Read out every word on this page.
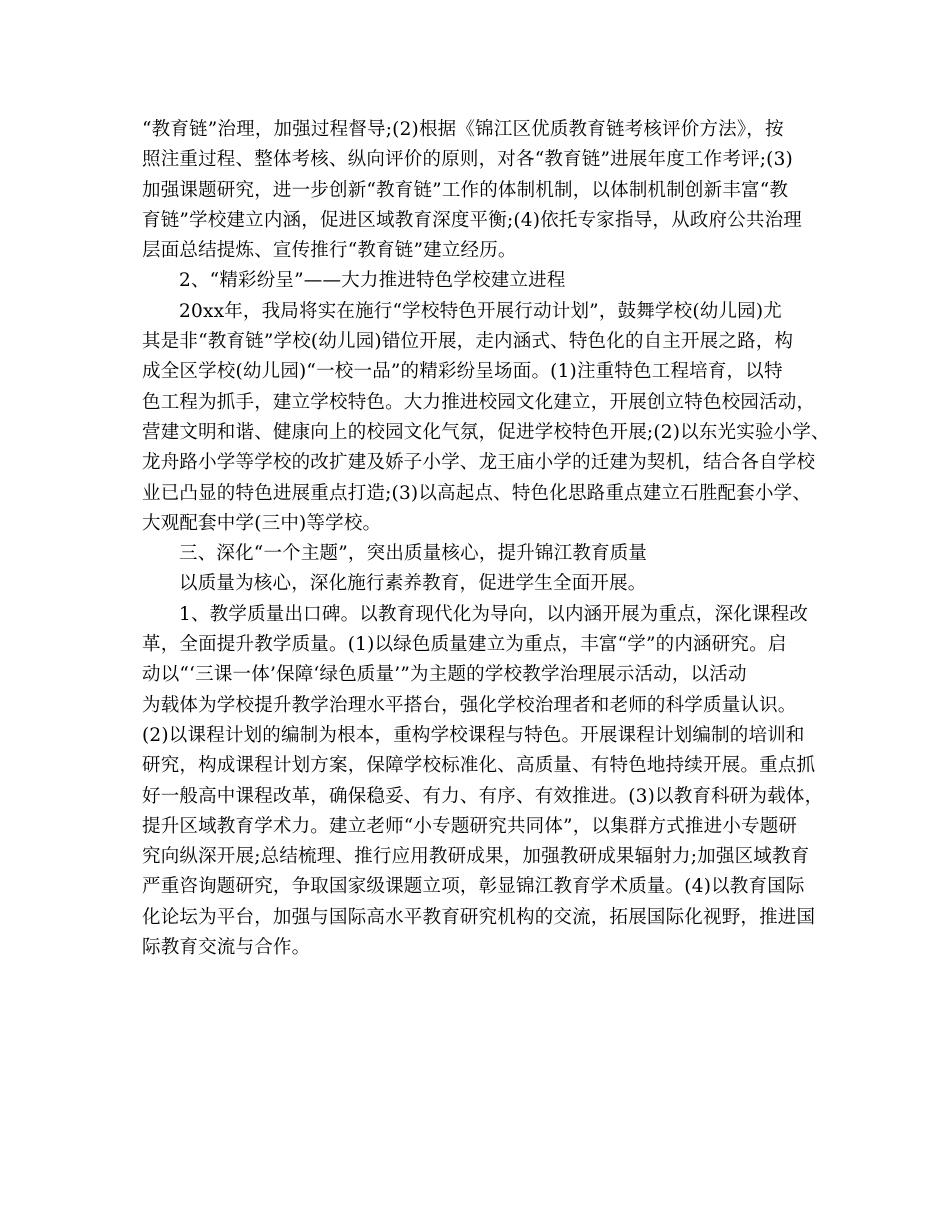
“教育链”治理，加强过程督导;(2)根据《锦江区优质教育链考核评价方法》，按
照注重过程、整体考核、纵向评价的原则，对各“教育链”进展年度工作考评;(3)
加强课题研究，进一步创新“教育链”工作的体制机制，以体制机制创新丰富“教
育链”学校建立内涵，促进区域教育深度平衡;(4)依托专家指导，从政府公共治理
层面总结提炼、宣传推行“教育链”建立经历。
2、“精彩纷呈”——大力推进特色学校建立进程
20xx年，我局将实在施行“学校特色开展行动计划”，鼓舞学校(幼儿园)尤
其是非“教育链”学校(幼儿园)错位开展，走内涵式、特色化的自主开展之路，构
成全区学校(幼儿园)“一校一品”的精彩纷呈场面。(1)注重特色工程培育，以特
色工程为抓手，建立学校特色。大力推进校园文化建立，开展创立特色校园活动，
营建文明和谐、健康向上的校园文化气氛，促进学校特色开展;(2)以东光实验小学、
龙舟路小学等学校的改扩建及娇子小学、龙王庙小学的迁建为契机，结合各自学校
业已凸显的特色进展重点打造;(3)以高起点、特色化思路重点建立石胜配套小学、
大观配套中学(三中)等学校。
三、深化“一个主题”，突出质量核心，提升锦江教育质量
以质量为核心，深化施行素养教育，促进学生全面开展。
1、教学质量出口碑。以教育现代化为导向，以内涵开展为重点，深化课程改
革，全面提升教学质量。(1)以绿色质量建立为重点，丰富“学”的内涵研究。启
动以“‘三课一体’保障‘绿色质量’”为主题的学校教学治理展示活动，以活动
为载体为学校提升教学治理水平搭台，强化学校治理者和老师的科学质量认识。
(2)以课程计划的编制为根本，重构学校课程与特色。开展课程计划编制的培训和
研究，构成课程计划方案，保障学校标准化、高质量、有特色地持续开展。重点抓
好一般高中课程改革，确保稳妥、有力、有序、有效推进。(3)以教育科研为载体，
提升区域教育学术力。建立老师“小专题研究共同体”，以集群方式推进小专题研
究向纵深开展;总结梳理、推行应用教研成果，加强教研成果辐射力;加强区域教育
严重咨询题研究，争取国家级课题立项，彰显锦江教育学术质量。(4)以教育国际
化论坛为平台，加强与国际高水平教育研究机构的交流，拓展国际化视野，推进国
际教育交流与合作。
